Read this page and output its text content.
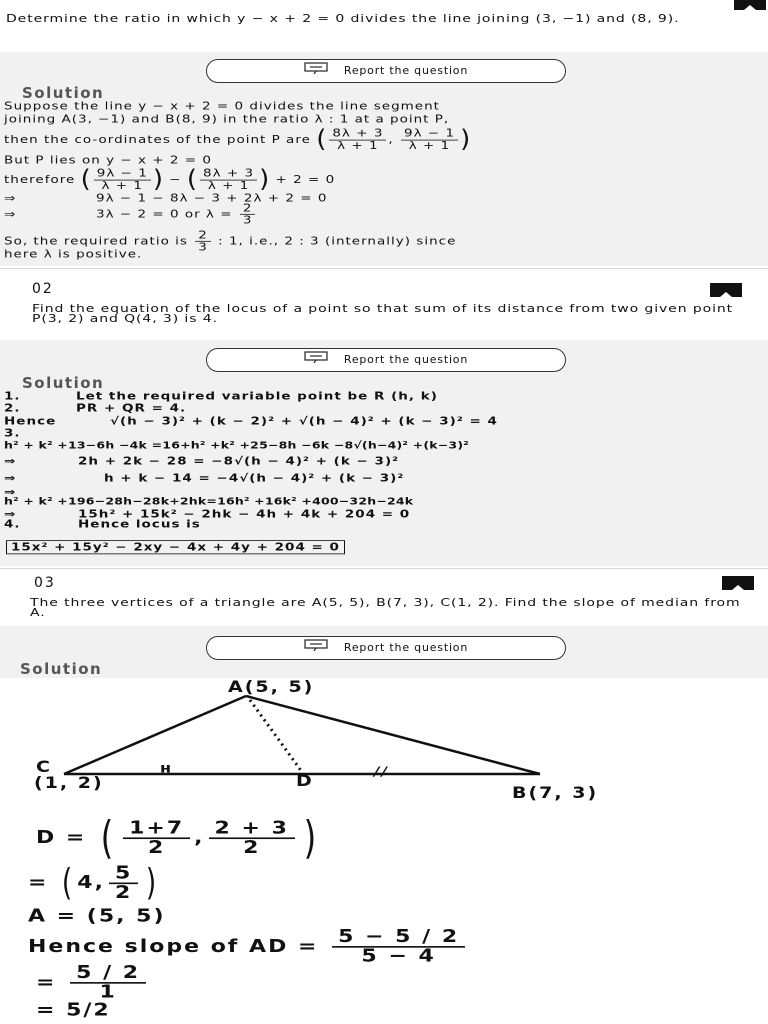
Determine the ratio in which y − x + 2 = 0 divides the line joining (3, −1) and (8, 9).
Report the question
Solution
Suppose the line y − x + 2 = 0 divides the line segment
joining A(3, −1) and B(8, 9) in the ratio λ : 1 at a point P,
then the co-ordinates of the point P are ( $\frac{8\lambda + 3}{\lambda + 1}$ , $\frac{9\lambda - 1}{\lambda + 1}$ )
But P lies on y − x + 2 = 0
therefore ( $\frac{9\lambda - 1}{\lambda + 1}$ ) − ( $\frac{8\lambda + 3}{\lambda + 1}$ ) + 2 = 0
⇒	9λ − 1 − 8λ − 3 + 2λ + 2 = 0
⇒	3λ − 2 = 0 or $\lambda = \frac{2}{3}$
So, the required ratio is $\frac{2}{3}$ : 1, i.e., 2 : 3 (internally) since
here λ is positive.
02
Find the equation of the locus of a point so that sum of its distance from two given point P(3, 2) and Q(4, 3) is 4.
Report the question
Solution
1.	Let the required variable point be R (h, k)
2.	PR + QR = 4.
Hence	√(h − 3)² + (k − 2)² + √(h − 4)² + (k − 3)² = 4
3.
h² + k² +13−6h −4k =16+h² +k² +25−8h −6k −8√(h−4)² +(k−3)²
⇒	2h + 2k − 28 = −8√(h − 4)² + (k − 3)²
⇒	h + k − 14 = −4√(h − 4)² + (k − 3)²
⇒
h² + k² +196−28h−28k+2hk=16h² +16k² +400−32h−24k
⇒	15h² + 15k² − 2hk − 4h + 4k + 204 = 0
4.	Hence locus is
15x² + 15y² − 2xy − 4x + 4y + 204 = 0
03
The three vertices of a triangle are A(5, 5), B(7, 3), C(1, 2). Find the slope of median from A.
Report the question
Solution
A(5, 5)
C
(1, 2)	D
ʜ	//
B(7, 3)
D = ( $\frac{1+7}{2}$ , $\frac{2 + 3}{2}$ )
= ( 4, $\frac{5}{2}$ )
A = (5, 5)
Hence slope of AD = $\frac{5 - 5 / 2}{5 - 4}$
= $\frac{5 / 2}{1}$
= 5/2
